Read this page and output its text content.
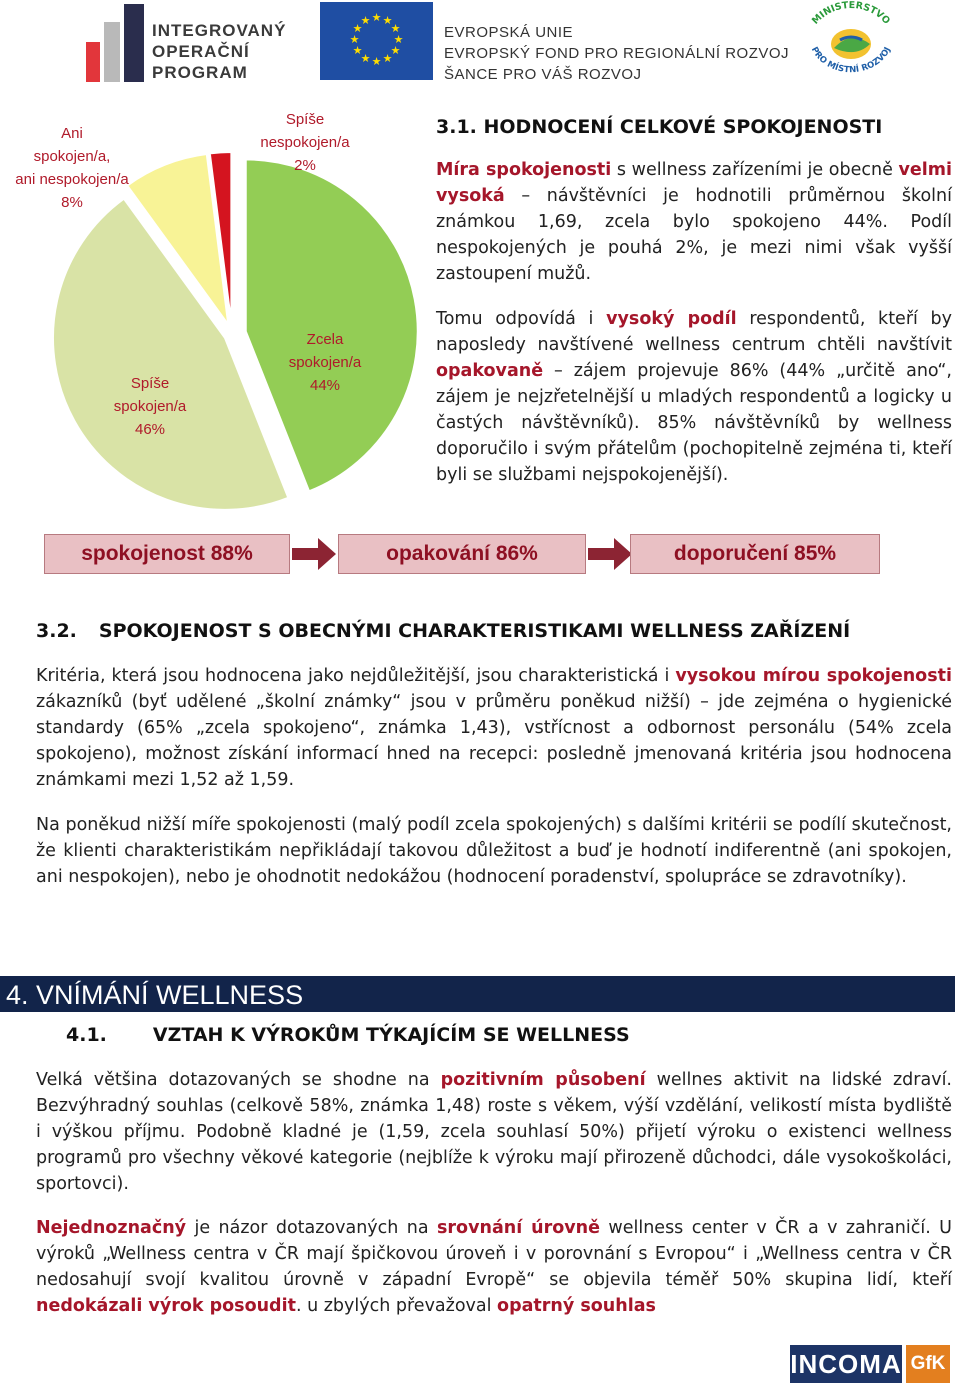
INTEGROVANÝ
OPERAČNÍ
PROGRAM
★ ★
★
★
★
★
★
★
★
★
★
★
EVROPSKÁ UNIE
EVROPSKÝ FOND PRO REGIONÁLNÍ ROZVOJ
ŠANCE PRO VÁŠ ROZVOJ
MINISTERSTVO
PRO MÍSTNÍ ROZVOJ
Zcela
spokojen/a
44%
Spíše
spokojen/a
46%
Ani
spokojen/a,
ani nespokojen/a
8%
Spíše
nespokojen/a
2%
3.1. HODNOCENÍ CELKOVÉ SPOKOJENOSTI

Míra spokojenosti s wellness zařízeními je obecně velmi vysoká – návštěvníci je hodnotili průměrnou školní známkou 1,69, zcela bylo spokojeno 44%. Podíl nespokojených je pouhá 2%, je mezi nimi však vyšší zastoupení mužů.

Tomu odpovídá i vysoký podíl respondentů, kteří by naposledy navštívené wellness centrum chtěli navštívit opakovaně – zájem projevuje 86% (44% „určitě ano“, zájem je nejzřetelnější u mladých respondentů a logicky u častých návštěvníků). 85% návštěvníků by wellness doporučilo i svým přátelům (pochopitelně zejména ti, kteří byli se službami nejspokojenější).

spokojenost 88%	opakování 86%	doporučení 85%
3.2. SPOKOJENOST S OBECNÝMI CHARAKTERISTIKAMI WELLNESS ZAŘÍZENÍ

Kritéria, která jsou hodnocena jako nejdůležitější, jsou charakteristická i vysokou mírou spokojenosti zákazníků (byť udělené „školní známky“ jsou v průměru poněkud nižší) – jde zejména o hygienické standardy (65% „zcela spokojeno“, známka 1,43), vstřícnost a odbornost personálu (54% zcela spokojeno), možnost získání informací hned na recepci: posledně jmenovaná kritéria jsou hodnocena známkami mezi 1,52 až 1,59.

Na poněkud nižší míře spokojenosti (malý podíl zcela spokojených) s dalšími kritérii se podílí skutečnost, že klienti charakteristikám nepřikládají takovou důležitost a buď je hodnotí indiferentně (ani spokojen, ani nespokojen), nebo je ohodnotit nedokážou (hodnocení poradenství, spolupráce se zdravotníky).

4. VNÍMÁNÍ WELLNESS
4.1. VZTAH K VÝROKŮM TÝKAJÍCÍM SE WELLNESS

Velká většina dotazovaných se shodne na pozitivním působení wellnes aktivit na lidské zdraví. Bezvýhradný souhlas (celkově 58%, známka 1,48) roste s věkem, výší vzdělání, velikostí místa bydliště i výškou příjmu. Podobně kladné je (1,59, zcela souhlasí 50%) přijetí výroku o existenci wellness programů pro všechny věkové kategorie (nejblíže k výroku mají přirozeně důchodci, dále vysokoškoláci, sportovci).

Nejednoznačný je názor dotazovaných na srovnání úrovně wellness center v ČR a v zahraničí. U výroků „Wellness centra v ČR mají špičkovou úroveň i v porovnání s Evropou“ i „Wellness centra v ČR nedosahují svojí kvalitou úrovně v západní Evropě“ se objevila téměř 50% skupina lidí, kteří nedokázali výrok posoudit. u zbylých převažoval opatrný souhlas

INCOMA GfK
